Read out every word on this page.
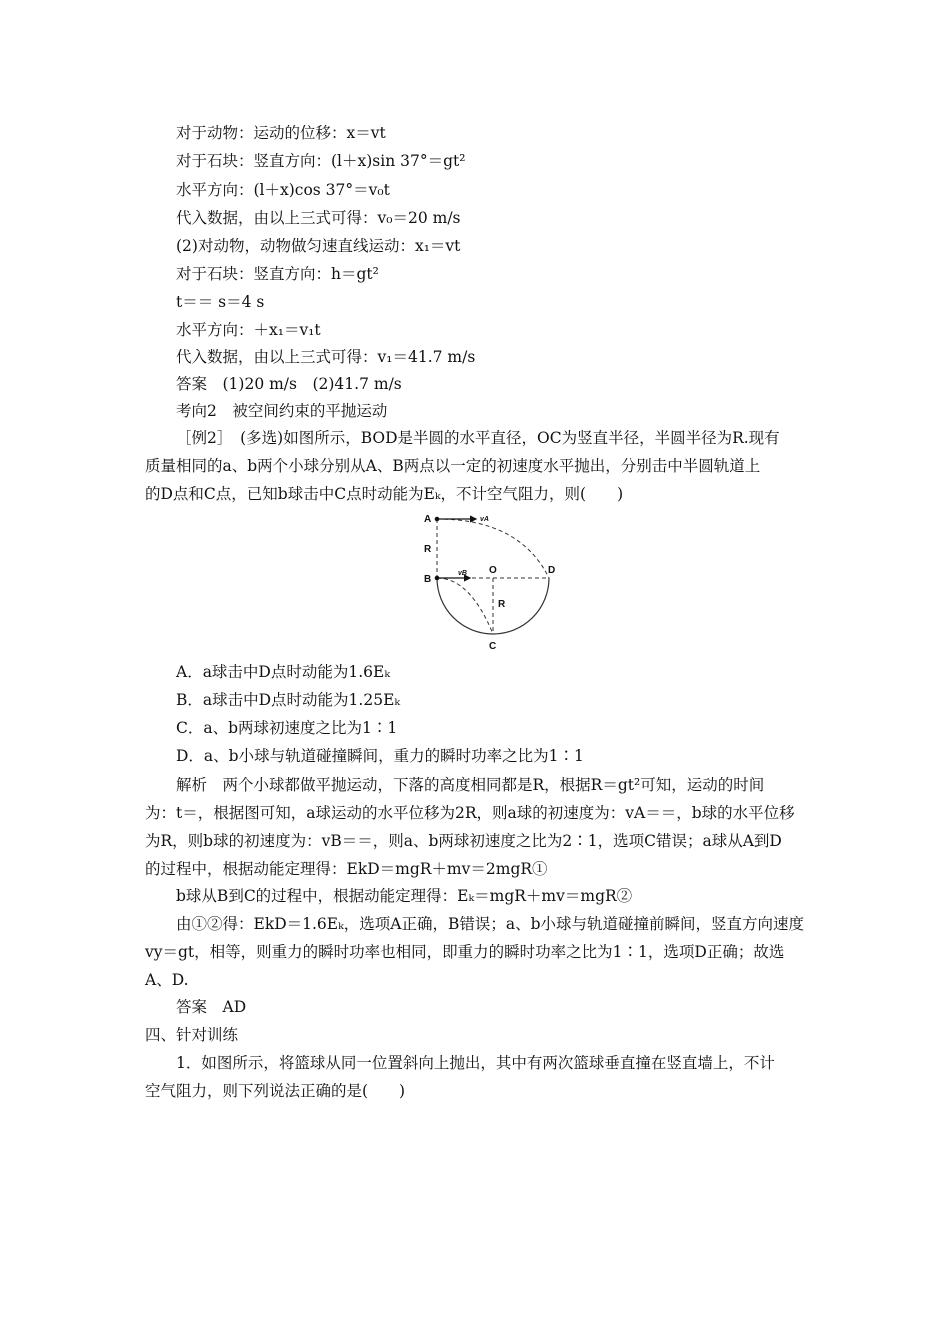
对于动物：运动的位移：x＝vt
对于石块：竖直方向：(l＋x)sin 37°＝gt²
水平方向：(l＋x)cos 37°＝v₀t
代入数据，由以上三式可得：v₀＝20 m/s
(2)对动物，动物做匀速直线运动：x₁＝vt
对于石块：竖直方向：h＝gt²
t＝＝ s＝4 s
水平方向：＋x₁＝v₁t
代入数据，由以上三式可得：v₁＝41.7 m/s
答案　(1)20 m/s　(2)41.7 m/s
考向2　被空间约束的平抛运动
［例2］　(多选)如图所示，BOD是半圆的水平直径，OC为竖直半径，半圆半径为R.现有
质量相同的a、b两个小球分别从A、B两点以一定的初速度水平抛出，分别击中半圆轨道上
的D点和C点，已知b球击中C点时动能为Eₖ，不计空气阻力，则(　　)
A
R
B
vA
vB O	D
R
C
A．a球击中D点时动能为1.6Eₖ
B．a球击中D点时动能为1.25Eₖ
C．a、b两球初速度之比为1∶1
D．a、b小球与轨道碰撞瞬间，重力的瞬时功率之比为1∶1
解析　两个小球都做平抛运动，下落的高度相同都是R，根据R＝gt²可知，运动的时间
为：t＝，根据图可知，a球运动的水平位移为2R，则a球的初速度为：vA＝＝，b球的水平位移
为R，则b球的初速度为：vB＝＝，则a、b两球初速度之比为2∶1，选项C错误；a球从A到D
的过程中，根据动能定理得：EkD＝mgR＋mv＝2mgR①
b球从B到C的过程中，根据动能定理得：Eₖ＝mgR＋mv＝mgR②
由①②得：EkD＝1.6Eₖ，选项A正确，B错误；a、b小球与轨道碰撞前瞬间，竖直方向速度
vy＝gt，相等，则重力的瞬时功率也相同，即重力的瞬时功率之比为1∶1，选项D正确；故选
A、D.
答案　AD
四、针对训练
1．如图所示，将篮球从同一位置斜向上抛出，其中有两次篮球垂直撞在竖直墙上，不计
空气阻力，则下列说法正确的是(　　)
